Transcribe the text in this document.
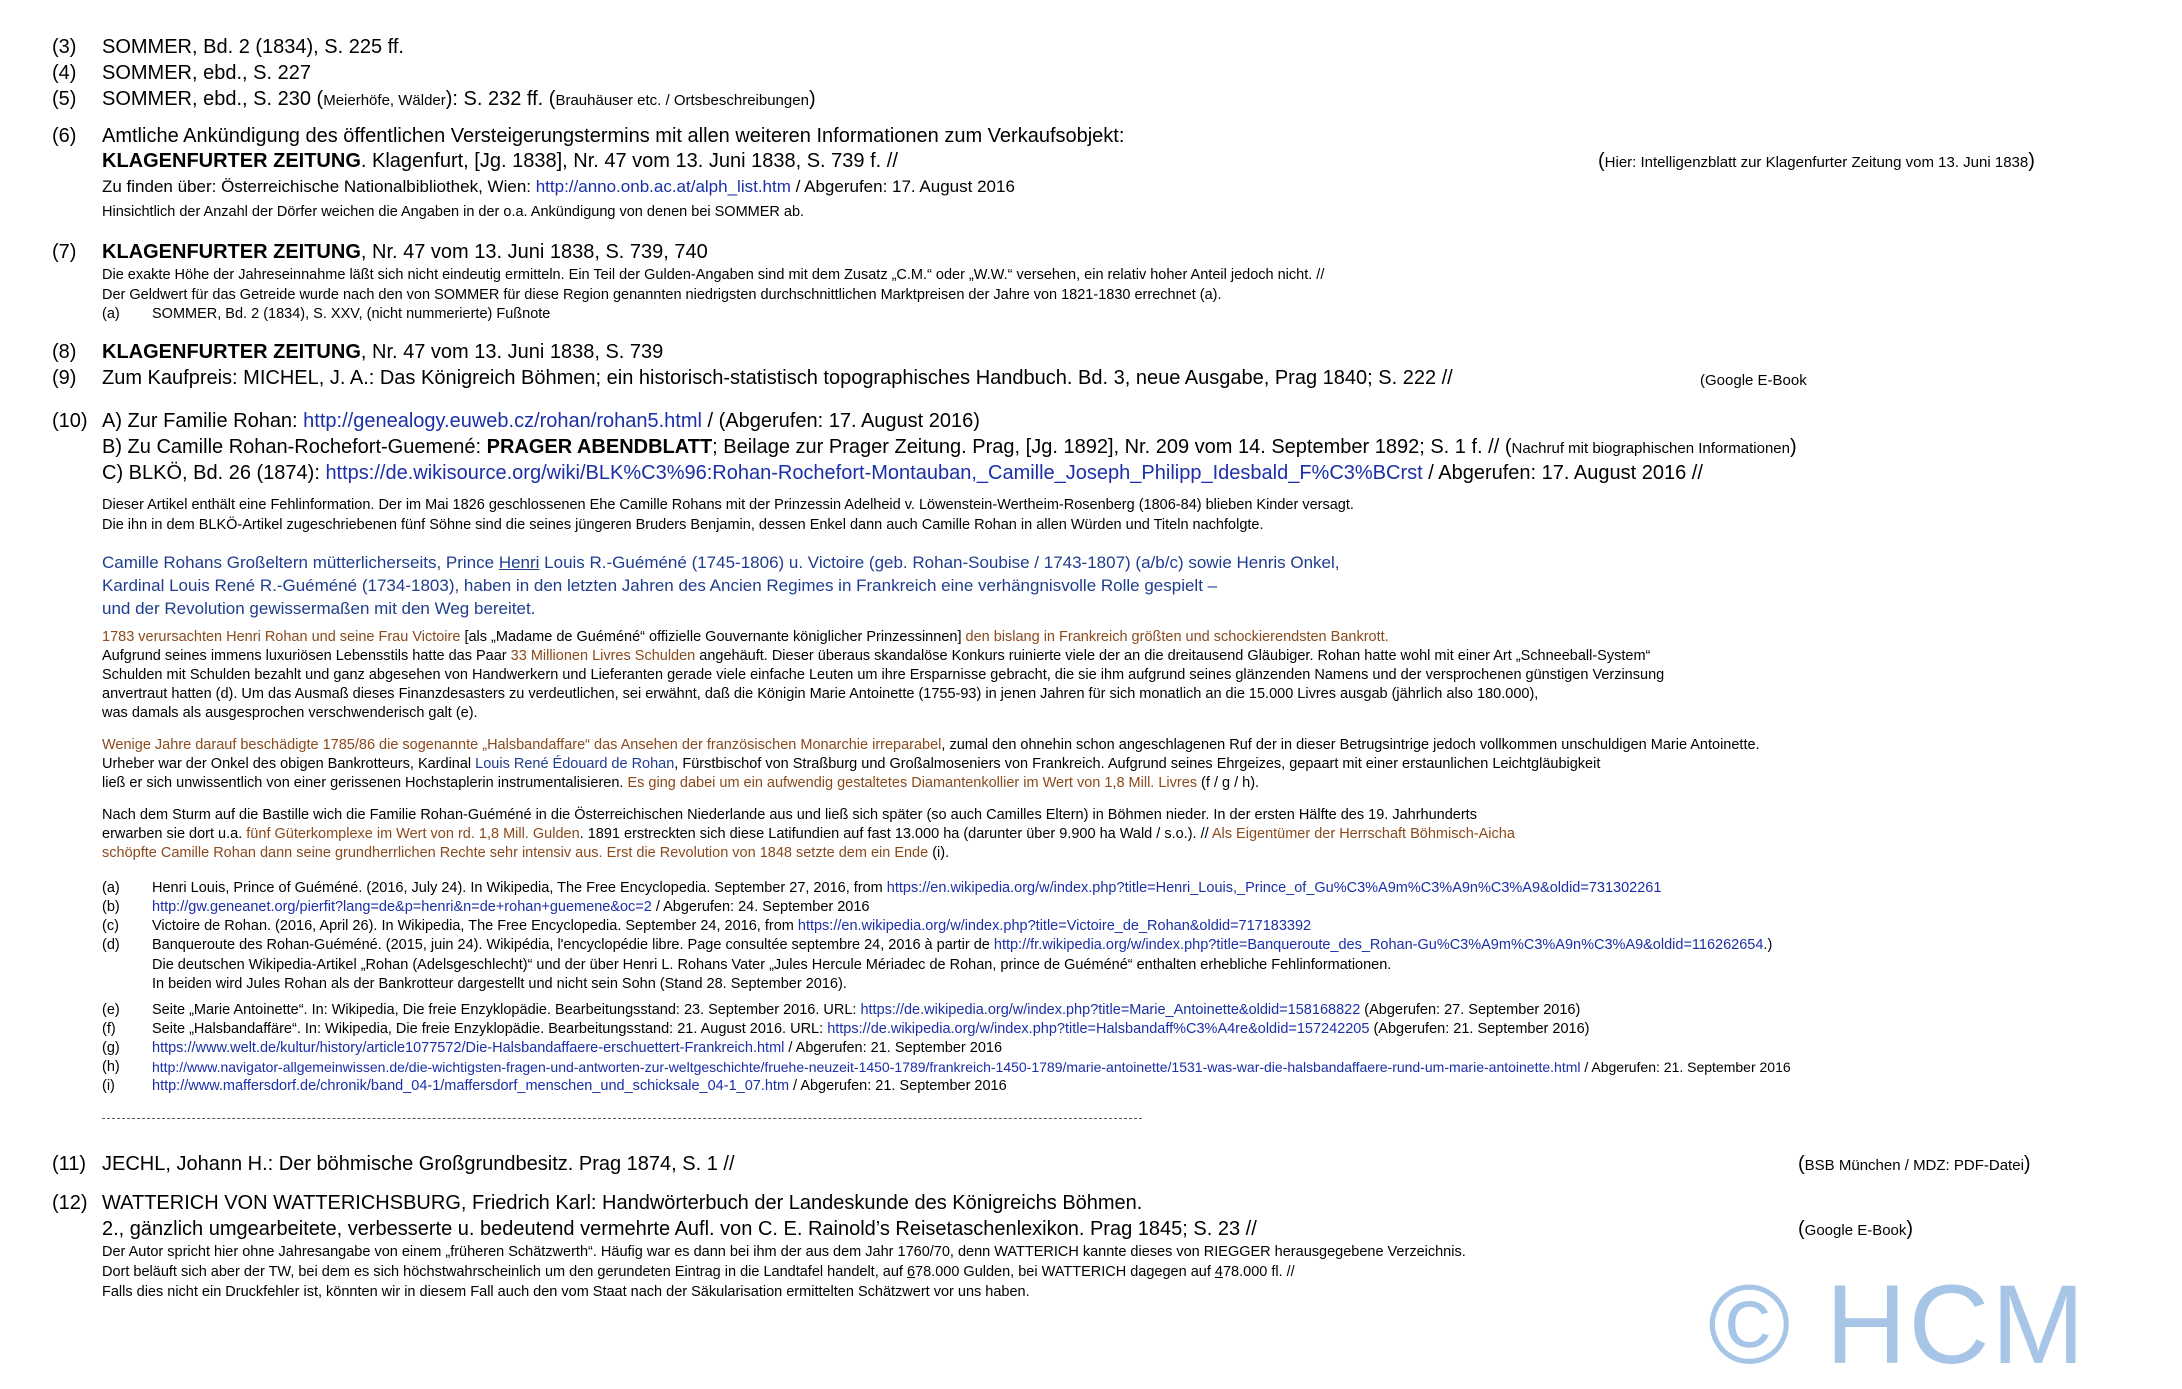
(3) SOMMER, Bd. 2 (1834), S. 225 ff.
(4) SOMMER, ebd., S. 227
(5) SOMMER, ebd., S. 230 (Meierhöfe, Wälder): S. 232 ff. (Brauhäuser etc. / Ortsbeschreibungen)
(6) Amtliche Ankündigung des öffentlichen Versteigerungstermins mit allen weiteren Informationen zum Verkaufsobjekt:
KLAGENFURTER ZEITUNG. Klagenfurt, [Jg. 1838], Nr. 47 vom 13. Juni 1838, S. 739 f. //	(Hier: Intelligenzblatt zur Klagenfurter Zeitung vom 13. Juni 1838)
Zu finden über: Österreichische Nationalbibliothek, Wien: http://anno.onb.ac.at/alph_list.htm / Abgerufen: 17. August 2016
Hinsichtlich der Anzahl der Dörfer weichen die Angaben in der o.a. Ankündigung von denen bei SOMMER ab.
(7) KLAGENFURTER ZEITUNG, Nr. 47 vom 13. Juni 1838, S. 739, 740
Die exakte Höhe der Jahreseinnahme läßt sich nicht eindeutig ermitteln. Ein Teil der Gulden-Angaben sind mit dem Zusatz „C.M.“ oder „W.W.“ versehen, ein relativ hoher Anteil jedoch nicht. //
Der Geldwert für das Getreide wurde nach den von SOMMER für diese Region genannten niedrigsten durchschnittlichen Marktpreisen der Jahre von 1821-1830 errechnet (a).
(a) SOMMER, Bd. 2 (1834), S. XXV, (nicht nummerierte) Fußnote
(8) KLAGENFURTER ZEITUNG, Nr. 47 vom 13. Juni 1838, S. 739
(9) Zum Kaufpreis: MICHEL, J. A.: Das Königreich Böhmen; ein historisch-statistisch topographisches Handbuch. Bd. 3, neue Ausgabe, Prag 1840; S. 222 //	(Google E-Book
(10) A) Zur Familie Rohan: http://genealogy.euweb.cz/rohan/rohan5.html / (Abgerufen: 17. August 2016)
B) Zu Camille Rohan-Rochefort-Guemené: PRAGER ABENDBLATT; Beilage zur Prager Zeitung. Prag, [Jg. 1892], Nr. 209 vom 14. September 1892; S. 1 f. // (Nachruf mit biographischen Informationen)
C) BLKÖ, Bd. 26 (1874): https://de.wikisource.org/wiki/BLK%C3%96:Rohan-Rochefort-Montauban,_Camille_Joseph_Philipp_Idesbald_F%C3%BCrst / Abgerufen: 17. August 2016 //
Dieser Artikel enthält eine Fehlinformation. Der im Mai 1826 geschlossenen Ehe Camille Rohans mit der Prinzessin Adelheid v. Löwenstein-Wertheim-Rosenberg (1806-84) blieben Kinder versagt.
Die ihn in dem BLKÖ-Artikel zugeschriebenen fünf Söhne sind die seines jüngeren Bruders Benjamin, dessen Enkel dann auch Camille Rohan in allen Würden und Titeln nachfolgte.
Camille Rohans Großeltern mütterlicherseits, Prince Henri Louis R.-Guéméné (1745-1806) u. Victoire (geb. Rohan-Soubise / 1743-1807) (a/b/c) sowie Henris Onkel,
Kardinal Louis René R.-Guéméné (1734-1803), haben in den letzten Jahren des Ancien Regimes in Frankreich eine verhängnisvolle Rolle gespielt –
und der Revolution gewissermaßen mit den Weg bereitet.
1783 verursachten Henri Rohan und seine Frau Victoire [als „Madame de Guéméné“ offizielle Gouvernante königlicher Prinzessinnen] den bislang in Frankreich größten und schockierendsten Bankrott.
Aufgrund seines immens luxuriösen Lebensstils hatte das Paar 33 Millionen Livres Schulden angehäuft. Dieser überaus skandalöse Konkurs ruinierte viele der an die dreitausend Gläubiger. Rohan hatte wohl mit einer Art „Schneeball-System“
Schulden mit Schulden bezahlt und ganz abgesehen von Handwerkern und Lieferanten gerade viele einfache Leuten um ihre Ersparnisse gebracht, die sie ihm aufgrund seines glänzenden Namens und der versprochenen günstigen Verzinsung
anvertraut hatten (d). Um das Ausmaß dieses Finanzdesasters zu verdeutlichen, sei erwähnt, daß die Königin Marie Antoinette (1755-93) in jenen Jahren für sich monatlich an die 15.000 Livres ausgab (jährlich also 180.000),
was damals als ausgesprochen verschwenderisch galt (e).
Wenige Jahre darauf beschädigte 1785/86 die sogenannte „Halsbandaffare“ das Ansehen der französischen Monarchie irreparabel, zumal den ohnehin schon angeschlagenen Ruf der in dieser Betrugsintrige jedoch vollkommen unschuldigen Marie Antoinette.
Urheber war der Onkel des obigen Bankrotteurs, Kardinal Louis René Édouard de Rohan, Fürstbischof von Straßburg und Großalmoseniers von Frankreich. Aufgrund seines Ehrgeizes, gepaart mit einer erstaunlichen Leichtgläubigkeit
ließ er sich unwissentlich von einer gerissenen Hochstaplerin instrumentalisieren. Es ging dabei um ein aufwendig gestaltetes Diamantenkollier im Wert von 1,8 Mill. Livres (f / g / h).
Nach dem Sturm auf die Bastille wich die Familie Rohan-Guéméné in die Österreichischen Niederlande aus und ließ sich später (so auch Camilles Eltern) in Böhmen nieder. In der ersten Hälfte des 19. Jahrhunderts
erwarben sie dort u.a. fünf Güterkomplexe im Wert von rd. 1,8 Mill. Gulden. 1891 erstreckten sich diese Latifundien auf fast 13.000 ha (darunter über 9.900 ha Wald / s.o.). // Als Eigentümer der Herrschaft Böhmisch-Aicha
schöpfte Camille Rohan dann seine grundherrlichen Rechte sehr intensiv aus. Erst die Revolution von 1848 setzte dem ein Ende (i).
(a) Henri Louis, Prince of Guéméné. (2016, July 24). In Wikipedia, The Free Encyclopedia. September 27, 2016, from https://en.wikipedia.org/w/index.php?title=Henri_Louis,_Prince_of_Gu%C3%A9m%C3%A9n%C3%A9&oldid=731302261
(b) http://gw.geneanet.org/pierfit?lang=de&p=henri&n=de+rohan+guemene&oc=2 / Abgerufen: 24. September 2016
(c) Victoire de Rohan. (2016, April 26). In Wikipedia, The Free Encyclopedia. September 24, 2016, from https://en.wikipedia.org/w/index.php?title=Victoire_de_Rohan&oldid=717183392
(d) Banqueroute des Rohan-Guéméné. (2015, juin 24). Wikipédia, l'encyclopédie libre. Page consultée septembre 24, 2016 à partir de http://fr.wikipedia.org/w/index.php?title=Banqueroute_des_Rohan-Gu%C3%A9m%C3%A9n%C3%A9&oldid=116262654.)
Die deutschen Wikipedia-Artikel „Rohan (Adelsgeschlecht)“ und der über Henri L. Rohans Vater „Jules Hercule Mériadec de Rohan, prince de Guéméné“ enthalten erhebliche Fehlinformationen.
In beiden wird Jules Rohan als der Bankrotteur dargestellt und nicht sein Sohn (Stand 28. September 2016).
(e) Seite „Marie Antoinette“. In: Wikipedia, Die freie Enzyklopädie. Bearbeitungsstand: 23. September 2016. URL: https://de.wikipedia.org/w/index.php?title=Marie_Antoinette&oldid=158168822 (Abgerufen: 27. September 2016)
(f)	Seite „Halsbandaffäre“. In: Wikipedia, Die freie Enzyklopädie. Bearbeitungsstand: 21. August 2016. URL: https://de.wikipedia.org/w/index.php?title=Halsbandaff%C3%A4re&oldid=157242205 (Abgerufen: 21. September 2016)
(g) https://www.welt.de/kultur/history/article1077572/Die-Halsbandaffaere-erschuettert-Frankreich.html / Abgerufen: 21. September 2016
(h) http://www.navigator-allgemeinwissen.de/die-wichtigsten-fragen-und-antworten-zur-weltgeschichte/fruehe-neuzeit-1450-1789/frankreich-1450-1789/marie-antoinette/1531-was-war-die-halsbandaffaere-rund-um-marie-antoinette.html / Abgerufen: 21. September 2016
(i)	http://www.maffersdorf.de/chronik/band_04-1/maffersdorf_menschen_und_schicksale_04-1_07.htm / Abgerufen: 21. September 2016
(11) JECHL, Johann H.: Der böhmische Großgrundbesitz. Prag 1874, S. 1 //	(BSB München / MDZ: PDF-Datei)
(12) WATTERICH VON WATTERICHSBURG, Friedrich Karl: Handwörterbuch der Landeskunde des Königreichs Böhmen.
2., gänzlich umgearbeitete, verbesserte u. bedeutend vermehrte Aufl. von C. E. Rainold’s Reisetaschenlexikon. Prag 1845; S. 23 //	(Google E-Book)
Der Autor spricht hier ohne Jahresangabe von einem „früheren Schätzwerth“. Häufig war es dann bei ihm der aus dem Jahr 1760/70, denn WATTERICH kannte dieses von RIEGGER herausgegebene Verzeichnis.
Dort beläuft sich aber der TW, bei dem es sich höchstwahrscheinlich um den gerundeten Eintrag in die Landtafel handelt, auf 678.000 Gulden, bei WATTERICH dagegen auf 478.000 fl. //
Falls dies nicht ein Druckfehler ist, könnten wir in diesem Fall auch den vom Staat nach der Säkularisation ermittelten Schätzwert vor uns haben.	© HCM
